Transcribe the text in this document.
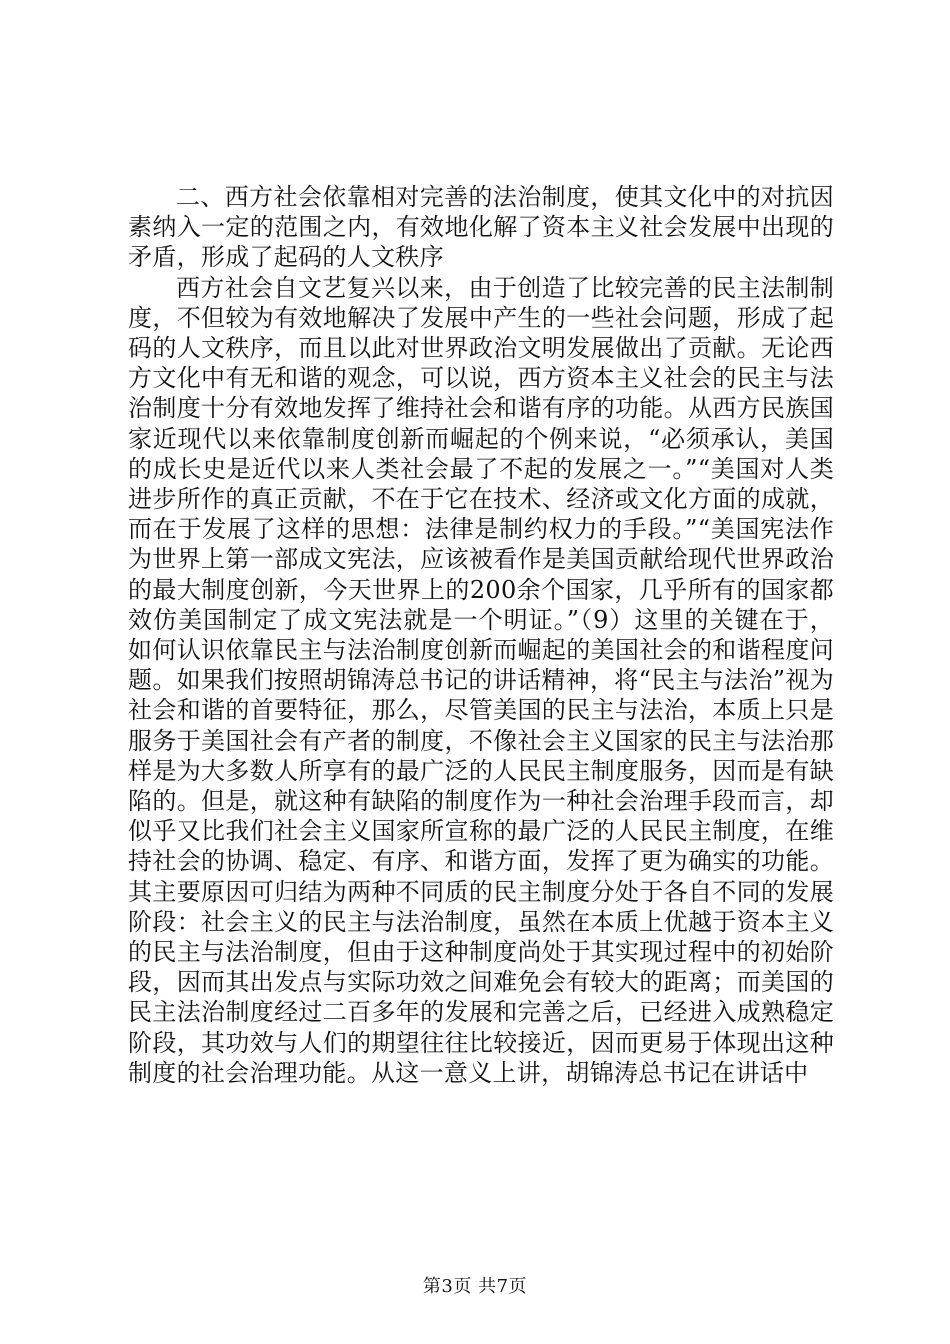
二、西方社会依靠相对完善的法治制度，使其文化中的对抗因素纳入一定的范围之内，有效地化解了资本主义社会发展中出现的矛盾，形成了起码的人文秩序

西方社会自文艺复兴以来，由于创造了比较完善的民主法制制度，不但较为有效地解决了发展中产生的一些社会问题，形成了起码的人文秩序，而且以此对世界政治文明发展做出了贡献。无论西方文化中有无和谐的观念，可以说，西方资本主义社会的民主与法治制度十分有效地发挥了维持社会和谐有序的功能。从西方民族国家近现代以来依靠制度创新而崛起的个例来说，“必须承认，美国的成长史是近代以来人类社会最了不起的发展之一。”“美国对人类进步所作的真正贡献，不在于它在技术、经济或文化方面的成就，而在于发展了这样的思想：法律是制约权力的手段。”“美国宪法作为世界上第一部成文宪法，应该被看作是美国贡献给现代世界政治的最大制度创新，今天世界上的200余个国家，几乎所有的国家都效仿美国制定了成文宪法就是一个明证。”（9）这里的关键在于，如何认识依靠民主与法治制度创新而崛起的美国社会的和谐程度问题。如果我们按照胡锦涛总书记的讲话精神，将“民主与法治”视为社会和谐的首要特征，那么，尽管美国的民主与法治，本质上只是服务于美国社会有产者的制度，不像社会主义国家的民主与法治那样是为大多数人所享有的最广泛的人民民主制度服务，因而是有缺陷的。但是，就这种有缺陷的制度作为一种社会治理手段而言，却似乎又比我们社会主义国家所宣称的最广泛的人民民主制度，在维持社会的协调、稳定、有序、和谐方面，发挥了更为确实的功能。其主要原因可归结为两种不同质的民主制度分处于各自不同的发展阶段：社会主义的民主与法治制度，虽然在本质上优越于资本主义的民主与法治制度，但由于这种制度尚处于其实现过程中的初始阶段，因而其出发点与实际功效之间难免会有较大的距离；而美国的民主法治制度经过二百多年的发展和完善之后，已经进入成熟稳定阶段，其功效与人们的期望往往比较接近，因而更易于体现出这种制度的社会治理功能。从这一意义上讲，胡锦涛总书记在讲话中

第3页 共7页
